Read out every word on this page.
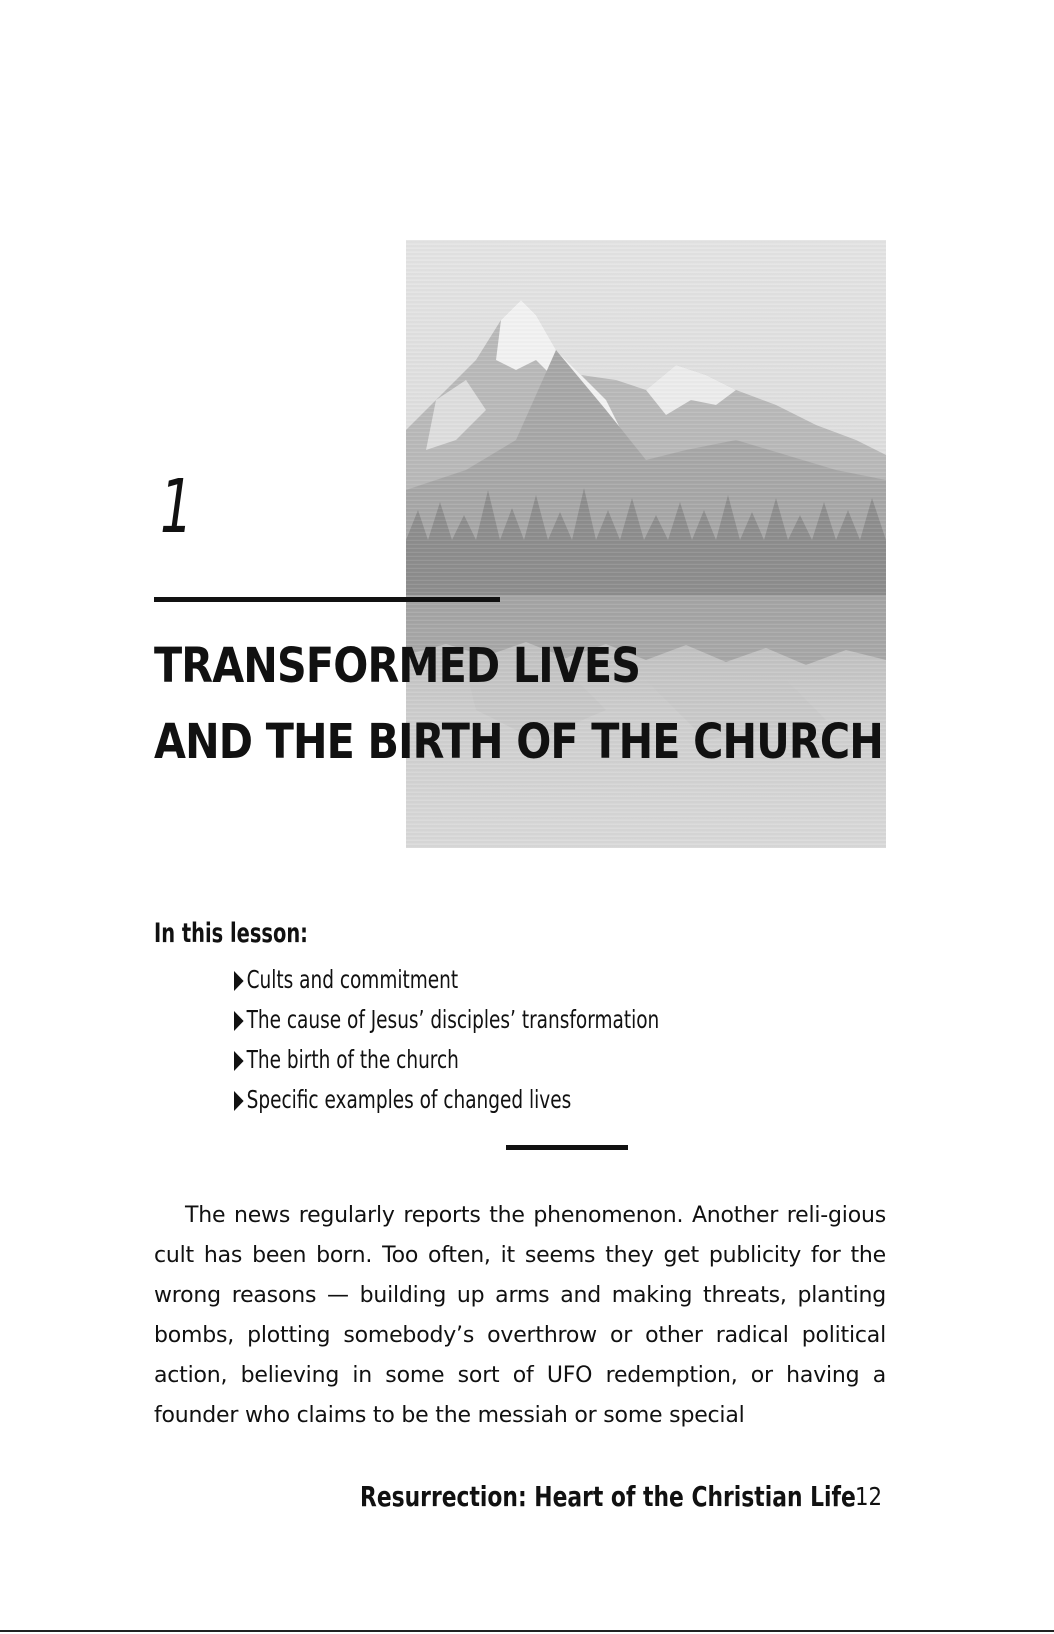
1
TRANSFORMED LIVES
AND THE BIRTH OF THE CHURCH
In this lesson:
Cults and commitment
The cause of Jesus’ disciples’ transformation
The birth of the church
Specific examples of changed lives

The news regularly reports the phenomenon. Another reli-gious cult has been born. Too often, it seems they get publicity for the wrong reasons — building up arms and making threats, planting bombs, plotting somebody’s overthrow or other radical political action, believing in some sort of UFO redemption, or having a founder who claims to be the messiah or some special

Resurrection: Heart of the Christian Life 12
